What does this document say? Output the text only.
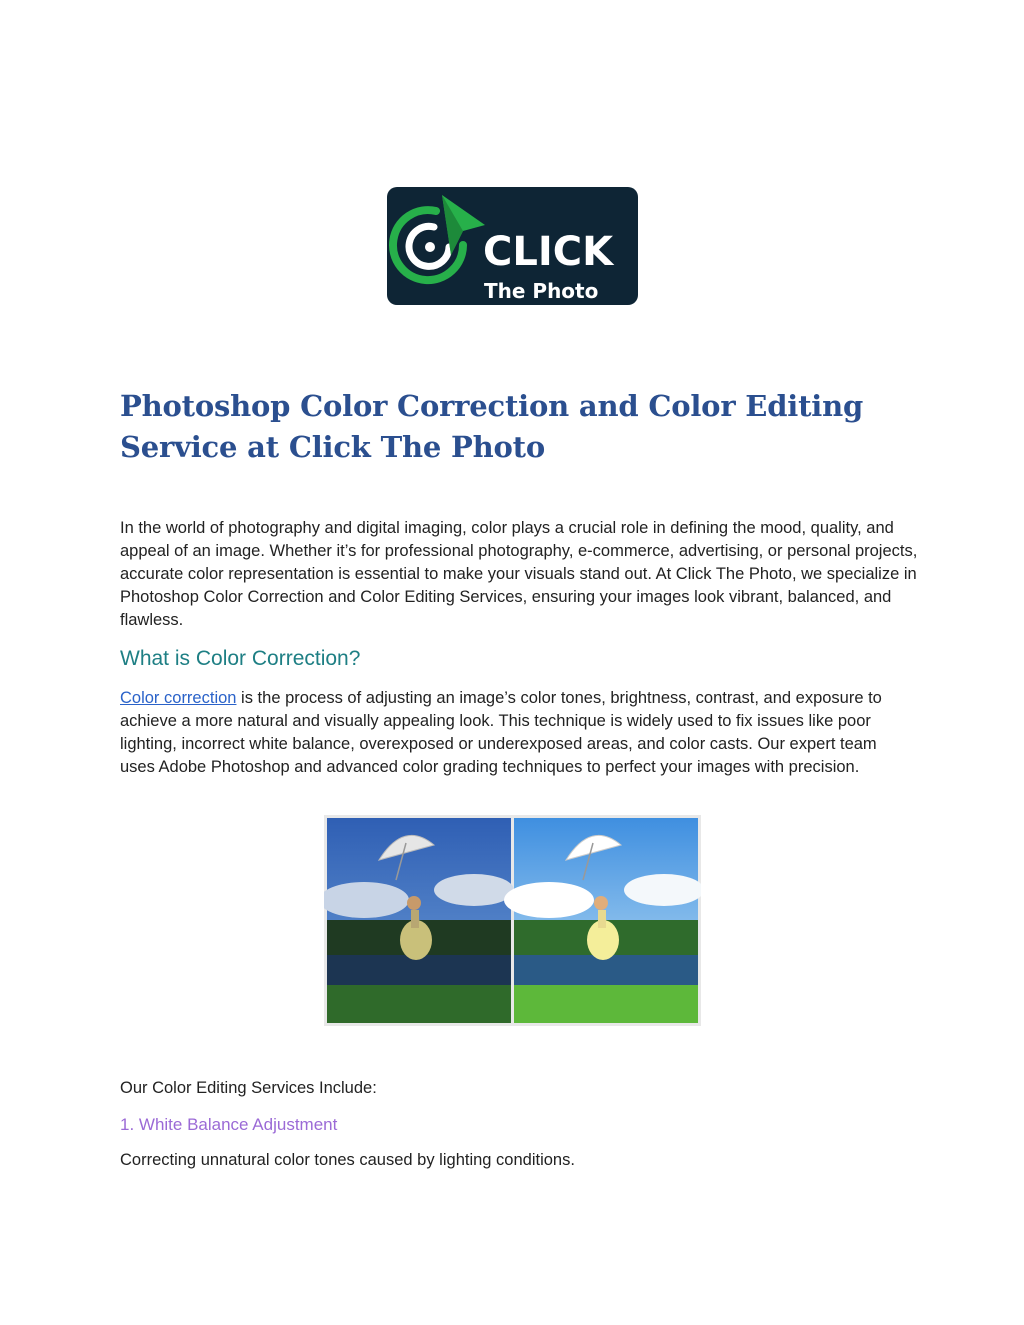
CLICK
The Photo
Photoshop Color Correction and Color Editing Service at Click The Photo

In the world of photography and digital imaging, color plays a crucial role in defining the mood, quality, and appeal of an image. Whether it’s for professional photography, e-commerce, advertising, or personal projects, accurate color representation is essential to make your visuals stand out. At Click The Photo, we specialize in Photoshop Color Correction and Color Editing Services, ensuring your images look vibrant, balanced, and flawless.

What is Color Correction?

Color correction is the process of adjusting an image’s color tones, brightness, contrast, and exposure to achieve a more natural and visually appealing look. This technique is widely used to fix issues like poor lighting, incorrect white balance, overexposed or underexposed areas, and color casts. Our expert team uses Adobe Photoshop and advanced color grading techniques to perfect your images with precision.

Our Color Editing Services Include:

1. White Balance Adjustment

Correcting unnatural color tones caused by lighting conditions.
